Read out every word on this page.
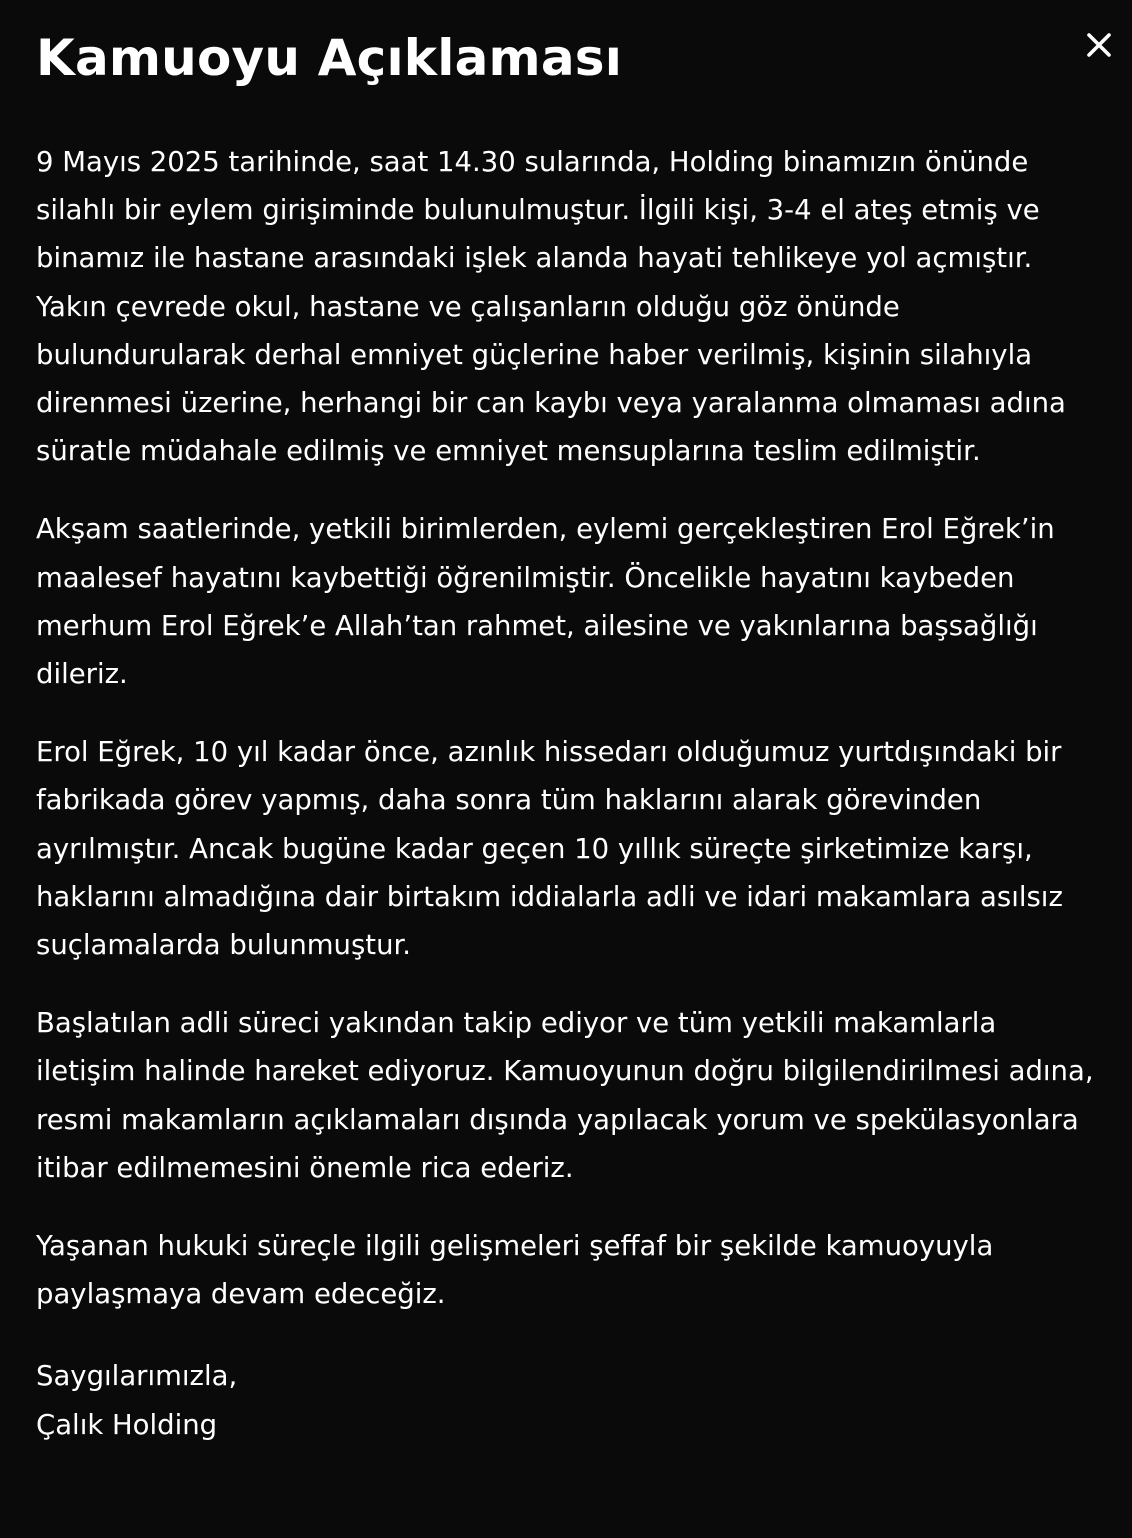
Kamuoyu Açıklaması

9 Mayıs 2025 tarihinde, saat 14.30 sularında, Holding binamızın önünde silahlı bir eylem girişiminde bulunulmuştur. İlgili kişi, 3-4 el ateş etmiş ve binamız ile hastane arasındaki işlek alanda hayati tehlikeye yol açmıştır. Yakın çevrede okul, hastane ve çalışanların olduğu göz önünde bulundurularak derhal emniyet güçlerine haber verilmiş, kişinin silahıyla direnmesi üzerine, herhangi bir can kaybı veya yaralanma olmaması adına süratle müdahale edilmiş ve emniyet mensuplarına teslim edilmiştir.

Akşam saatlerinde, yetkili birimlerden, eylemi gerçekleştiren Erol Eğrek’in maalesef hayatını kaybettiği öğrenilmiştir. Öncelikle hayatını kaybeden merhum Erol Eğrek’e Allah’tan rahmet, ailesine ve yakınlarına başsağlığı dileriz.

Erol Eğrek, 10 yıl kadar önce, azınlık hissedarı olduğumuz yurtdışındaki bir fabrikada görev yapmış, daha sonra tüm haklarını alarak görevinden ayrılmıştır. Ancak bugüne kadar geçen 10 yıllık süreçte şirketimize karşı, haklarını almadığına dair birtakım iddialarla adli ve idari makamlara asılsız suçlamalarda bulunmuştur.

Başlatılan adli süreci yakından takip ediyor ve tüm yetkili makamlarla iletişim halinde hareket ediyoruz. Kamuoyunun doğru bilgilendirilmesi adına, resmi makamların açıklamaları dışında yapılacak yorum ve spekülasyonlara itibar edilmemesini önemle rica ederiz.

Yaşanan hukuki süreçle ilgili gelişmeleri şeffaf bir şekilde kamuoyuyla paylaşmaya devam edeceğiz.

Saygılarımızla,
Çalık Holding
